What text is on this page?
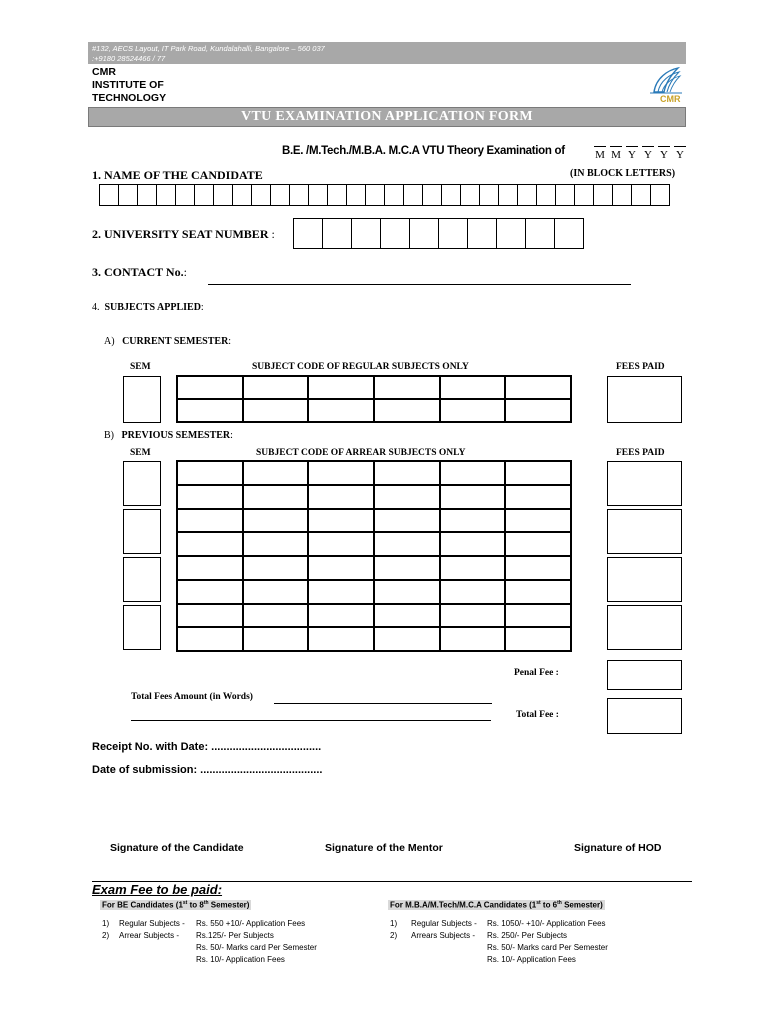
#132, AECS Layout, IT Park Road, Kundalahalli, Bangalore – 560 037
:+9180 28524466 / 77
CMR
INSTITUTE OF
TECHNOLOGY	CMR
VTU EXAMINATION APPLICATION FORM
B.E. /M.Tech./M.B.A. M.C.A VTU Theory Examination of	M M Y Y Y Y
1. NAME OF THE CANDIDATE	(IN BLOCK LETTERS)
2. UNIVERSITY SEAT NUMBER :
3. CONTACT No.:
4. SUBJECTS APPLIED:
A) CURRENT SEMESTER:
SEM	SUBJECT CODE OF REGULAR SUBJECTS ONLY	FEES PAID
B) PREVIOUS SEMESTER:
SEM	SUBJECT CODE OF ARREAR SUBJECTS ONLY	FEES PAID
Penal Fee :
Total Fees Amount (in Words)
Total Fee :
Receipt No. with Date: ....................................
Date of submission: ........................................
Signature of the Candidate	Signature of the Mentor	Signature of HOD
Exam Fee to be paid:
For BE Candidates (1st to 8th Semester)	For M.B.A/M.Tech/M.C.A Candidates (1st to 6th Semester)
1) Regular Subjects - Rs. 550 +10/- Application Fees
2) Arrear Subjects - Rs.125/- Per Subjects
Rs. 50/- Marks card Per Semester
Rs. 10/- Application Fees
1) Regular Subjects - Rs. 1050/- +10/- Application Fees
2) Arrears Subjects - Rs. 250/- Per Subjects
Rs. 50/- Marks card Per Semester
Rs. 10/- Application Fees
